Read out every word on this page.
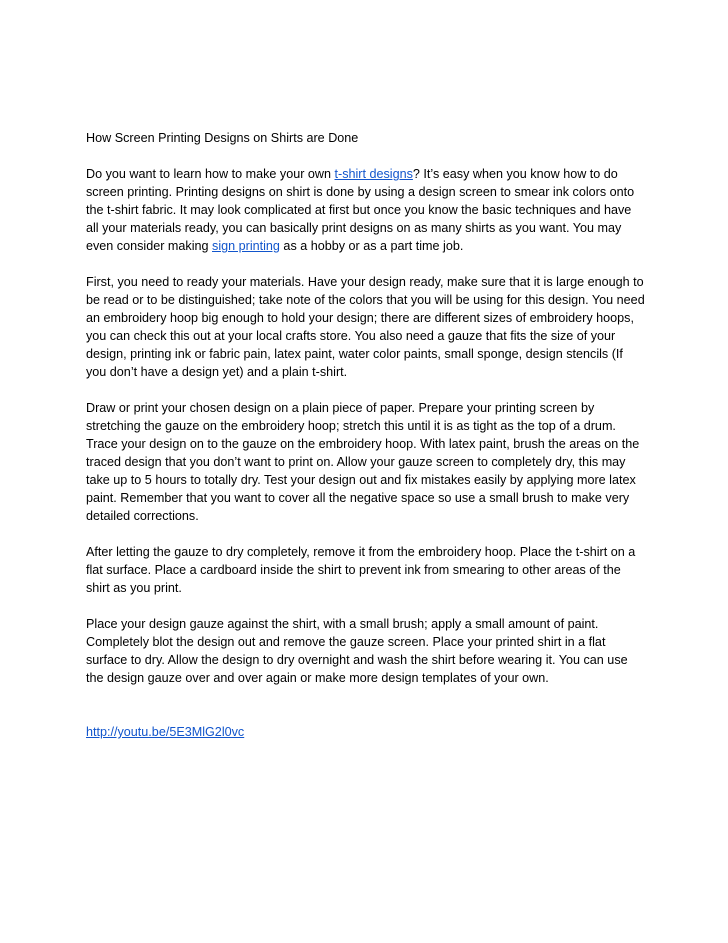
How Screen Printing Designs on Shirts are Done

Do you want to learn how to make your own t-shirt designs? It’s easy when you know how to do screen printing. Printing designs on shirt is done by using a design screen to smear ink colors onto the t-shirt fabric. It may look complicated at first but once you know the basic techniques and have all your materials ready, you can basically print designs on as many shirts as you want. You may even consider making sign printing as a hobby or as a part time job.

First, you need to ready your materials. Have your design ready, make sure that it is large enough to be read or to be distinguished; take note of the colors that you will be using for this design. You need an embroidery hoop big enough to hold your design; there are different sizes of embroidery hoops, you can check this out at your local crafts store. You also need a gauze that fits the size of your design, printing ink or fabric pain, latex paint, water color paints, small sponge, design stencils (If you don’t have a design yet) and a plain t-shirt.

Draw or print your chosen design on a plain piece of paper. Prepare your printing screen by stretching the gauze on the embroidery hoop; stretch this until it is as tight as the top of a drum. Trace your design on to the gauze on the embroidery hoop. With latex paint, brush the areas on the traced design that you don’t want to print on. Allow your gauze screen to completely dry, this may take up to 5 hours to totally dry. Test your design out and fix mistakes easily by applying more latex paint. Remember that you want to cover all the negative space so use a small brush to make very detailed corrections.

After letting the gauze to dry completely, remove it from the embroidery hoop. Place the t-shirt on a flat surface. Place a cardboard inside the shirt to prevent ink from smearing to other areas of the shirt as you print.

Place your design gauze against the shirt, with a small brush; apply a small amount of paint. Completely blot the design out and remove the gauze screen. Place your printed shirt in a flat surface to dry. Allow the design to dry overnight and wash the shirt before wearing it. You can use the design gauze over and over again or make more design templates of your own.

http://youtu.be/5E3MlG2l0vc
